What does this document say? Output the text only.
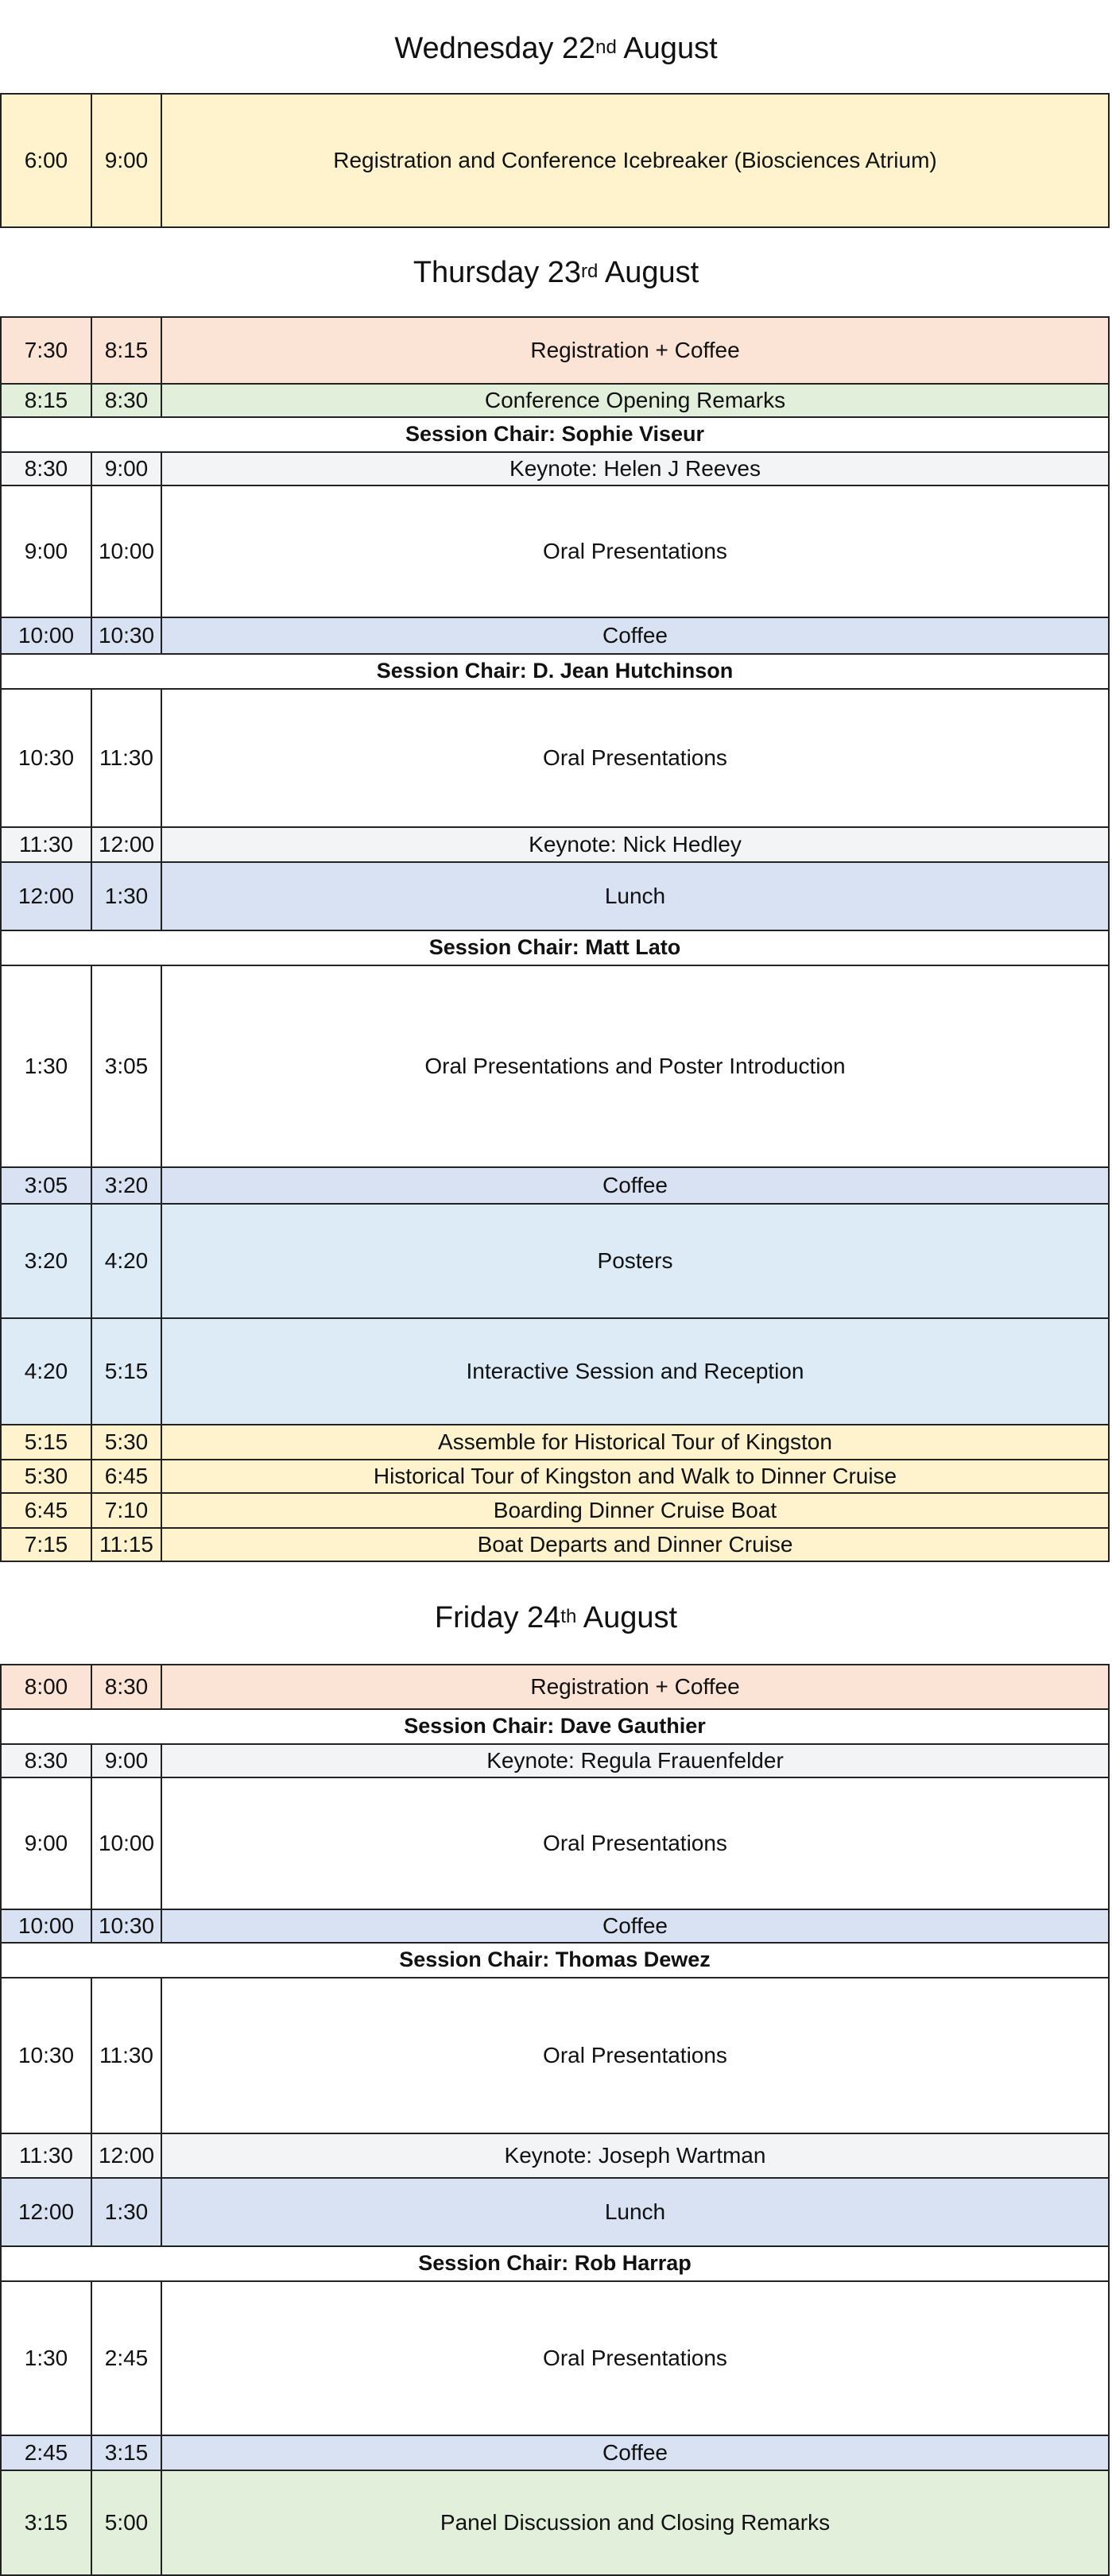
Wednesday 22nd August
6:00	9:00	Registration and Conference Icebreaker (Biosciences Atrium)
Thursday 23rd August
7:30	8:15	Registration + Coffee
8:15	8:30	Conference Opening Remarks
Session Chair: Sophie Viseur		
8:30	9:00	Keynote: Helen J Reeves
9:00	10:00	Oral Presentations
10:00	10:30	Coffee
Session Chair: D. Jean Hutchinson		
10:30	11:30	Oral Presentations
11:30	12:00	Keynote: Nick Hedley
12:00	1:30	Lunch
Session Chair: Matt Lato		
1:30	3:05	Oral Presentations and Poster Introduction
3:05	3:20	Coffee
3:20	4:20	Posters
4:20	5:15	Interactive Session and Reception
5:15	5:30	Assemble for Historical Tour of Kingston
5:30	6:45	Historical Tour of Kingston and Walk to Dinner Cruise
6:45	7:10	Boarding Dinner Cruise Boat
7:15	11:15	Boat Departs and Dinner Cruise
Friday 24th August
8:00	8:30	Registration + Coffee
Session Chair: Dave Gauthier		
8:30	9:00	Keynote: Regula Frauenfelder
9:00	10:00	Oral Presentations
10:00	10:30	Coffee
Session Chair: Thomas Dewez		
10:30	11:30	Oral Presentations
11:30	12:00	Keynote: Joseph Wartman
12:00	1:30	Lunch
Session Chair: Rob Harrap		
1:30	2:45	Oral Presentations
2:45	3:15	Coffee
3:15	5:00	Panel Discussion and Closing Remarks
